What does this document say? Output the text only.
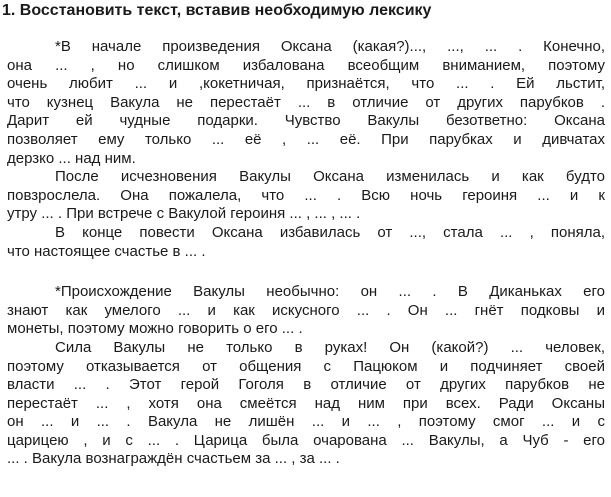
1. Восстановить текст, вставив необходимую лексику
*В начале произведения Оксана (какая?)..., ..., ... . Конечно,
она ... , но слишком избалована всеобщим вниманием, поэтому
очень любит ... и ,кокетничая, признаётся, что ... . Ей льстит,
что кузнец Вакула не перестаёт ... в отличие от других парубков .
Дарит ей чудные подарки. Чувство Вакулы безответно: Оксана
позволяет ему только ... её , ... её. При парубках и дивчатах
дерзко ... над ним.
После исчезновения Вакулы Оксана изменилась и как будто
повзрослела. Она пожалела, что ... . Всю ночь героиня ... и к
утру ... . При встрече с Вакулой героиня ... , ... , ... .
В конце повести Оксана избавилась от ..., стала ... , поняла,
что настоящее счастье в ... .
*Происхождение Вакулы необычно: он ... . В Диканьках его
знают как умелого ... и как искусного ... . Он ... гнёт подковы и
монеты, поэтому можно говорить о его ... .
Сила Вакулы не только в руках! Он (какой?) ... человек,
поэтому отказывается от общения с Пацюком и подчиняет своей
власти ... . Этот герой Гоголя в отличие от других парубков не
перестаёт ... , хотя она смеётся над ним при всех. Ради Оксаны
он ... и ... . Вакула не лишён ... и ... , поэтому смог ... и с
царицею , и с ... . Царица была очарована ... Вакулы, а Чуб - его
... . Вакула вознаграждён счастьем за ... , за ... .
